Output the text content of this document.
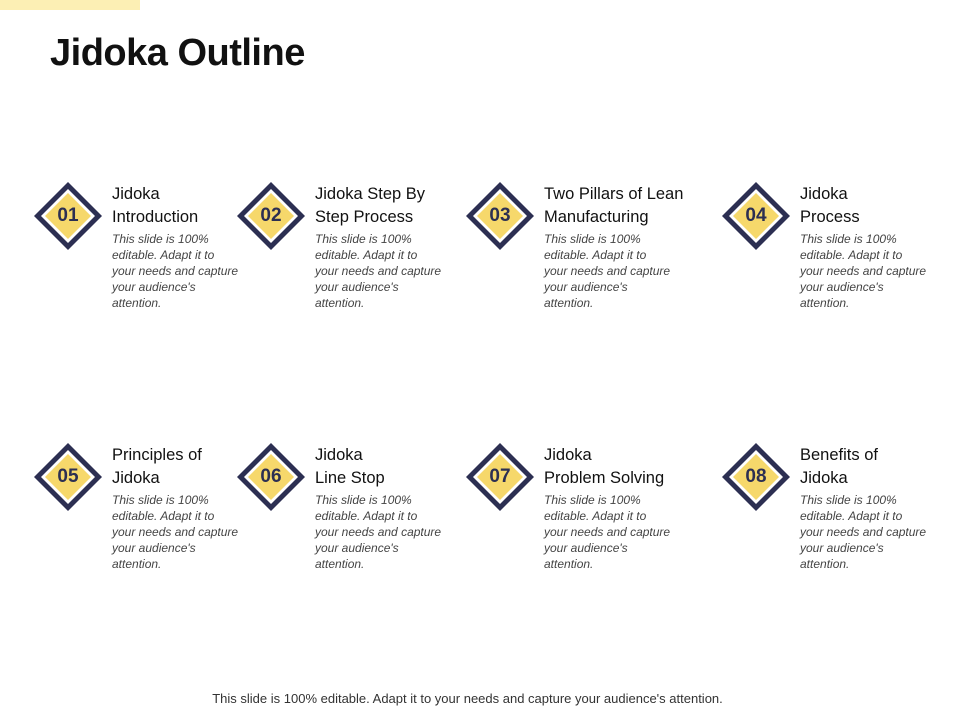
Jidoka Outline
01
Jidoka
Introduction
This slide is 100% editable. Adapt it to your needs and capture your audience's attention.
02
Jidoka Step By
Step Process
This slide is 100% editable. Adapt it to your needs and capture your audience's attention.
03
Two Pillars of Lean
Manufacturing
This slide is 100% editable. Adapt it to your needs and capture your audience's attention.
04
Jidoka
Process
This slide is 100% editable. Adapt it to your needs and capture your audience's attention.
05
Principles of
Jidoka
This slide is 100% editable. Adapt it to your needs and capture your audience's attention.
06
Jidoka
Line Stop
This slide is 100% editable. Adapt it to your needs and capture your audience's attention.
07
Jidoka
Problem Solving
This slide is 100% editable. Adapt it to your needs and capture your audience's attention.
08
Benefits of
Jidoka
This slide is 100% editable. Adapt it to your needs and capture your audience's attention.
This slide is 100% editable. Adapt it to your needs and capture your audience's attention.
